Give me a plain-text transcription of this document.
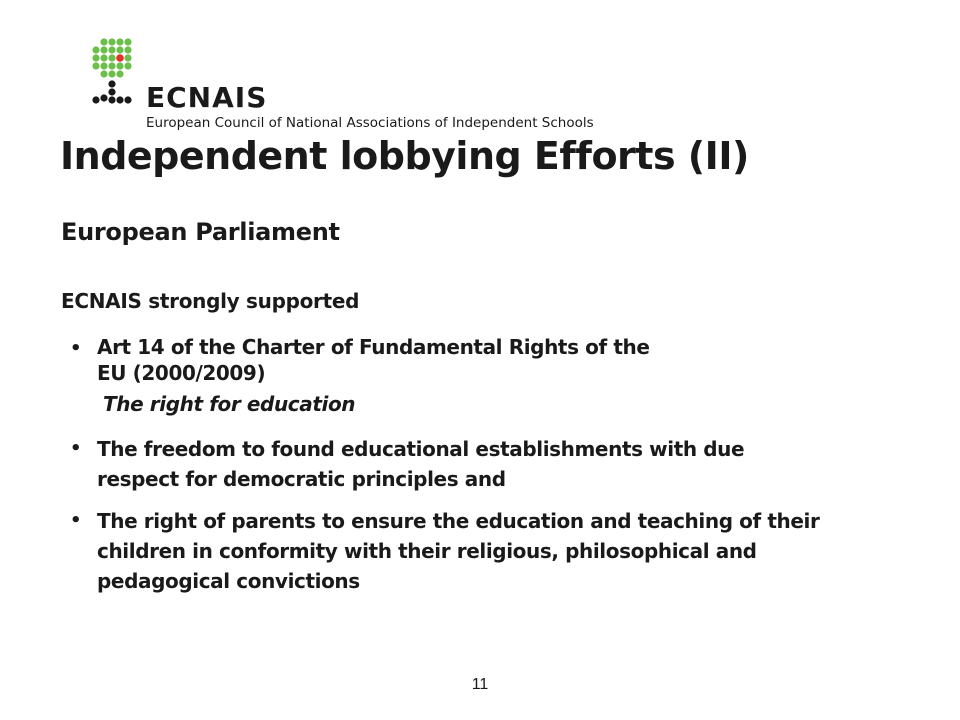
ECNAIS
European Council of National Associations of Independent Schools
Independent lobbying Efforts (II)
European Parliament

ECNAIS strongly supported

• Art 14 of the Charter of Fundamental Rights of the
EU (2000/2009)
The right for education
• The freedom to found educational establishments with due respect for democratic principles and
• The right of parents to ensure the education and teaching of their children in conformity with their religious, philosophical and pedagogical convictions
11
